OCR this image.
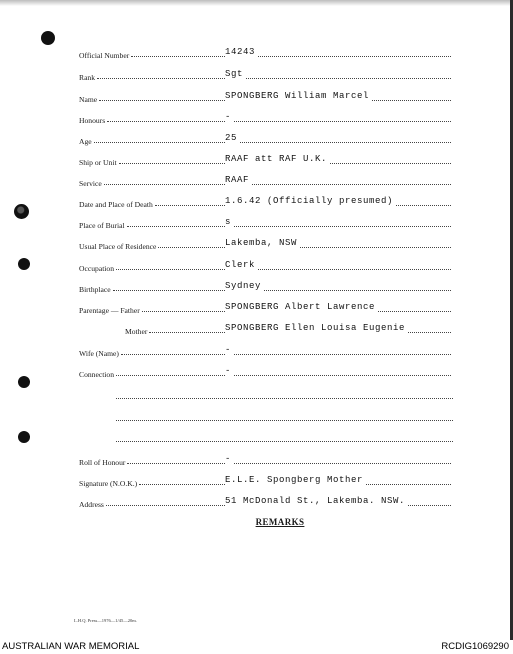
Official Number	14243
Rank	Sgt
Name	SPONGBERG William Marcel
Honours	-
Age	25
Ship or Unit	RAAF att RAF U.K.
Service	RAAF
Date and Place of Death	1.6.42 (Officially presumed)
Place of Burial	s
Usual Place of Residence	Lakemba, NSW
Occupation	Clerk
Birthplace	Sydney
Parentage — Father	SPONGBERG Albert Lawrence
Mother	SPONGBERG Ellen Louisa Eugenie
Wife (Name)	-
Connection	-
Roll of Honour	-
Signature (N.O.K.)	E.L.E. Spongberg Mother
Address	51 McDonald St., Lakemba. NSW.
REMARKS
L.H.Q. Press—1976—1/45—20m.
AUSTRALIAN WAR MEMORIAL	RCDIG1069290
